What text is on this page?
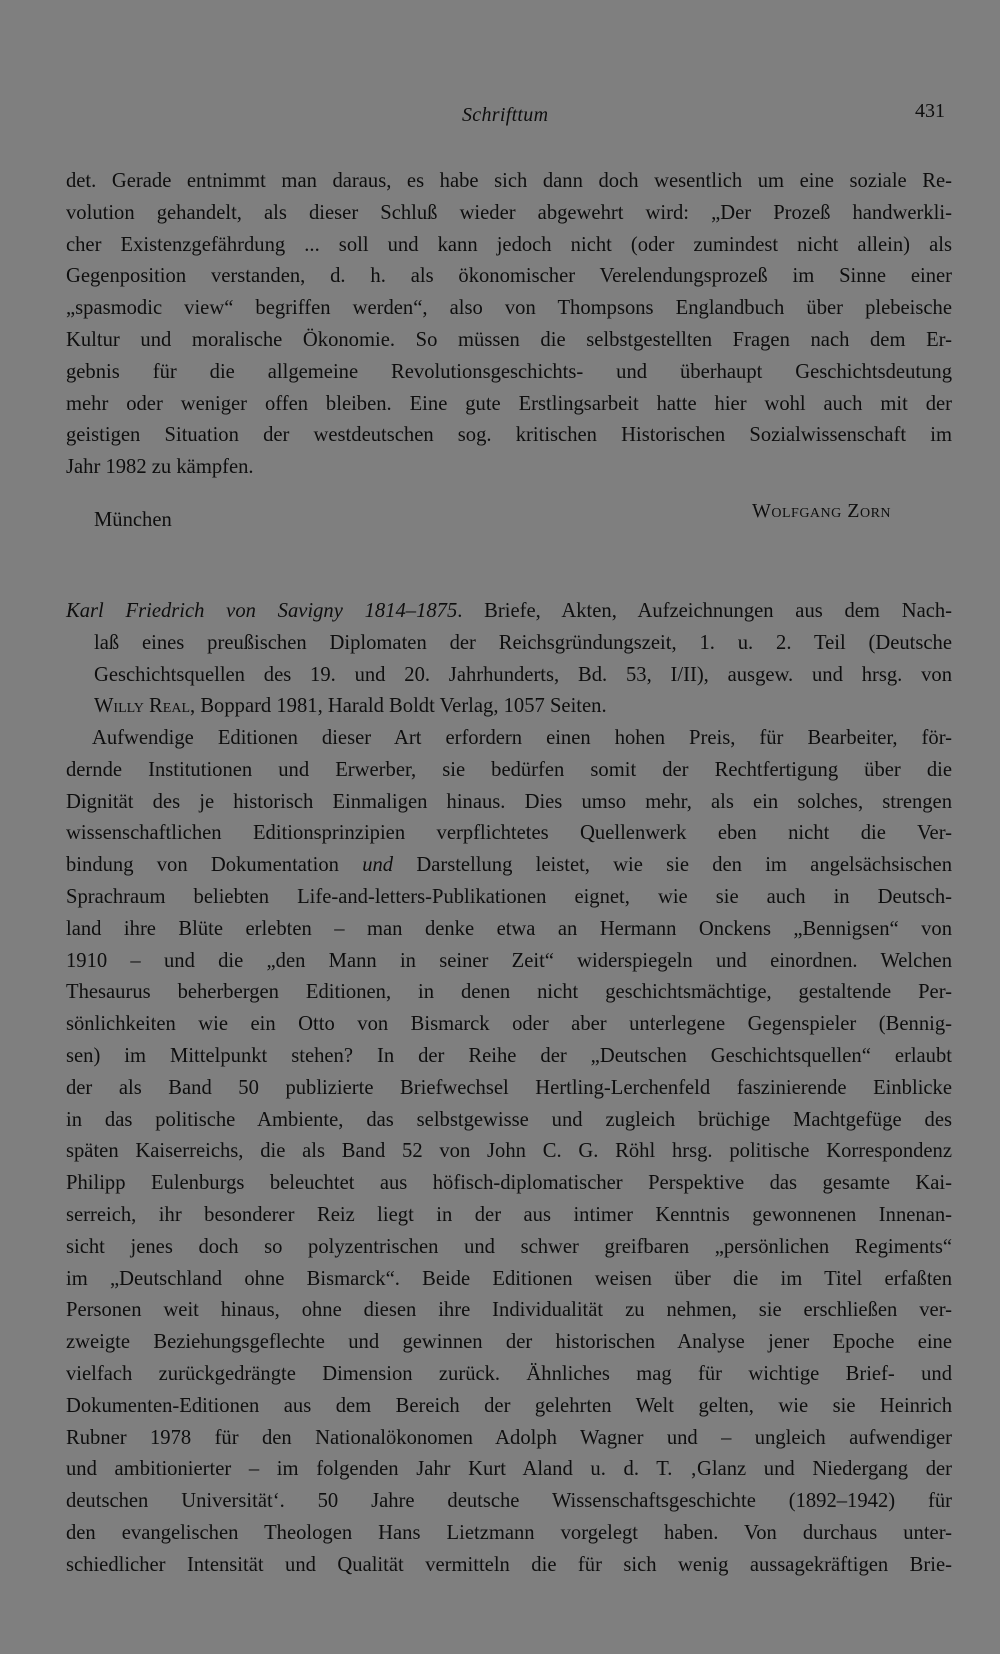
Schrifttum	431
det. Gerade entnimmt man daraus, es habe sich dann doch wesentlich um eine soziale Re-
volution gehandelt, als dieser Schluß wieder abgewehrt wird: „Der Prozeß handwerkli-
cher Existenzgefährdung ... soll und kann jedoch nicht (oder zumindest nicht allein) als
Gegenposition verstanden, d. h. als ökonomischer Verelendungsprozeß im Sinne einer
„spasmodic view“ begriffen werden“, also von Thompsons Englandbuch über plebeische
Kultur und moralische Ökonomie. So müssen die selbstgestellten Fragen nach dem Er-
gebnis für die allgemeine Revolutionsgeschichts- und überhaupt Geschichtsdeutung
mehr oder weniger offen bleiben. Eine gute Erstlingsarbeit hatte hier wohl auch mit der
geistigen Situation der westdeutschen sog. kritischen Historischen Sozialwissenschaft im
Jahr 1982 zu kämpfen.
München	Wolfgang Zorn
Karl Friedrich von Savigny 1814–1875. Briefe, Akten, Aufzeichnungen aus dem Nach-
laß eines preußischen Diplomaten der Reichsgründungszeit, 1. u. 2. Teil (Deutsche
Geschichtsquellen des 19. und 20. Jahrhunderts, Bd. 53, I/II), ausgew. und hrsg. von
Willy Real, Boppard 1981, Harald Boldt Verlag, 1057 Seiten.
Aufwendige Editionen dieser Art erfordern einen hohen Preis, für Bearbeiter, för-
dernde Institutionen und Erwerber, sie bedürfen somit der Rechtfertigung über die
Dignität des je historisch Einmaligen hinaus. Dies umso mehr, als ein solches, strengen
wissenschaftlichen Editionsprinzipien verpflichtetes Quellenwerk eben nicht die Ver-
bindung von Dokumentation und Darstellung leistet, wie sie den im angelsächsischen
Sprachraum beliebten Life-and-letters-Publikationen eignet, wie sie auch in Deutsch-
land ihre Blüte erlebten – man denke etwa an Hermann Onckens „Bennigsen“ von
1910 – und die „den Mann in seiner Zeit“ widerspiegeln und einordnen. Welchen
Thesaurus beherbergen Editionen, in denen nicht geschichtsmächtige, gestaltende Per-
sönlichkeiten wie ein Otto von Bismarck oder aber unterlegene Gegenspieler (Bennig-
sen) im Mittelpunkt stehen? In der Reihe der „Deutschen Geschichtsquellen“ erlaubt
der als Band 50 publizierte Briefwechsel Hertling-Lerchenfeld faszinierende Einblicke
in das politische Ambiente, das selbstgewisse und zugleich brüchige Machtgefüge des
späten Kaiserreichs, die als Band 52 von John C. G. Röhl hrsg. politische Korrespondenz
Philipp Eulenburgs beleuchtet aus höfisch-diplomatischer Perspektive das gesamte Kai-
serreich, ihr besonderer Reiz liegt in der aus intimer Kenntnis gewonnenen Innenan-
sicht jenes doch so polyzentrischen und schwer greifbaren „persönlichen Regiments“
im „Deutschland ohne Bismarck“. Beide Editionen weisen über die im Titel erfaßten
Personen weit hinaus, ohne diesen ihre Individualität zu nehmen, sie erschließen ver-
zweigte Beziehungsgeflechte und gewinnen der historischen Analyse jener Epoche eine
vielfach zurückgedrängte Dimension zurück. Ähnliches mag für wichtige Brief- und
Dokumenten-Editionen aus dem Bereich der gelehrten Welt gelten, wie sie Heinrich
Rubner 1978 für den Nationalökonomen Adolph Wagner und – ungleich aufwendiger
und ambitionierter – im folgenden Jahr Kurt Aland u. d. T. ‚Glanz und Niedergang der
deutschen Universität‘. 50 Jahre deutsche Wissenschaftsgeschichte (1892–1942) für
den evangelischen Theologen Hans Lietzmann vorgelegt haben. Von durchaus unter-
schiedlicher Intensität und Qualität vermitteln die für sich wenig aussagekräftigen Brie-
